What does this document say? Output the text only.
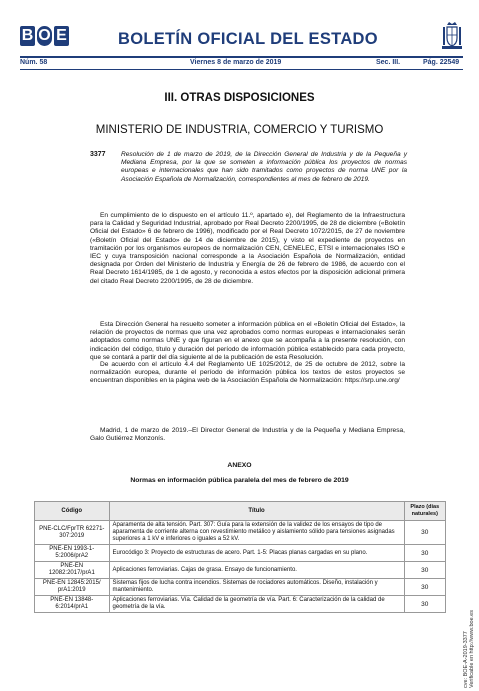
B O E	BOLETÍN OFICIAL DEL ESTADO
Núm. 58	Viernes 8 de marzo de 2019	Sec. III.	Pág. 22549
III. OTRAS DISPOSICIONES
MINISTERIO DE INDUSTRIA, COMERCIO Y TURISMO
3377 Resolución de 1 de marzo de 2019, de la Dirección General de Industria y de la Pequeña y Mediana Empresa, por la que se someten a información pública los proyectos de normas europeas e internacionales que han sido tramitados como proyectos de norma UNE por la Asociación Española de Normalización, correspondientes al mes de febrero de 2019.
En cumplimiento de lo dispuesto en el artículo 11.º, apartado e), del Reglamento de la Infraestructura para la Calidad y Seguridad Industrial, aprobado por Real Decreto 2200/1995, de 28 de diciembre («Boletín Oficial del Estado» 6 de febrero de 1996), modificado por el Real Decreto 1072/2015, de 27 de noviembre («Boletín Oficial del Estado» de 14 de diciembre de 2015), y visto el expediente de proyectos en tramitación por los organismos europeos de normalización CEN, CENELEC, ETSI e internacionales ISO e IEC y cuya transposición nacional corresponde a la Asociación Española de Normalización, entidad designada por Orden del Ministerio de Industria y Energía de 26 de febrero de 1986, de acuerdo con el Real Decreto 1614/1985, de 1 de agosto, y reconocida a estos efectos por la disposición adicional primera del citado Real Decreto 2200/1995, de 28 de diciembre.
Esta Dirección General ha resuelto someter a información pública en el «Boletín Oficial del Estado», la relación de proyectos de normas que una vez aprobados como normas europeas e internacionales serán adoptados como normas UNE y que figuran en el anexo que se acompaña a la presente resolución, con indicación del código, título y duración del período de información pública establecido para cada proyecto, que se contará a partir del día siguiente al de la publicación de esta Resolución.
De acuerdo con el artículo 4.4 del Reglamento UE 1025/2012, de 25 de octubre de 2012, sobre la normalización europea, durante el período de información pública los textos de estos proyectos se encuentran disponibles en la página web de la Asociación Española de Normalización: https://srp.une.org/
Madrid, 1 de marzo de 2019.–El Director General de Industria y de la Pequeña y Mediana Empresa, Galo Gutiérrez Monzonís.
ANEXO
Normas en información pública paralela del mes de febrero de 2019
Código	Título	Plazo (días naturales)
PNE-CLC/FprTR 62271-307:2019	Aparamenta de alta tensión. Part. 307: Guía para la extensión de la validez de los ensayos de tipo de aparamenta de corriente alterna con revestimiento metálico y aislamiento sólido para tensiones asignadas superiores a 1 kV e inferiores o iguales a 52 kV.	30
PNE-EN 1993-1-5:2006/prA2	Eurocódigo 3: Proyecto de estructuras de acero. Part. 1-5: Placas planas cargadas en su plano.	30
PNE-EN 12082:2017/prA1	Aplicaciones ferroviarias. Cajas de grasa. Ensayo de funcionamiento.	30
PNE-EN 12845:2015/ prA1:2019	Sistemas fijos de lucha contra incendios. Sistemas de rociadores automáticos. Diseño, instalación y mantenimiento.	30
PNE-EN 13848-6:2014/prA1	Aplicaciones ferroviarias. Vía. Calidad de la geometría de vía. Part. 6: Caracterización de la calidad de geometría de la vía.	30
cve: BOE-A-2019-3377 Verificable en http://www.boe.es
